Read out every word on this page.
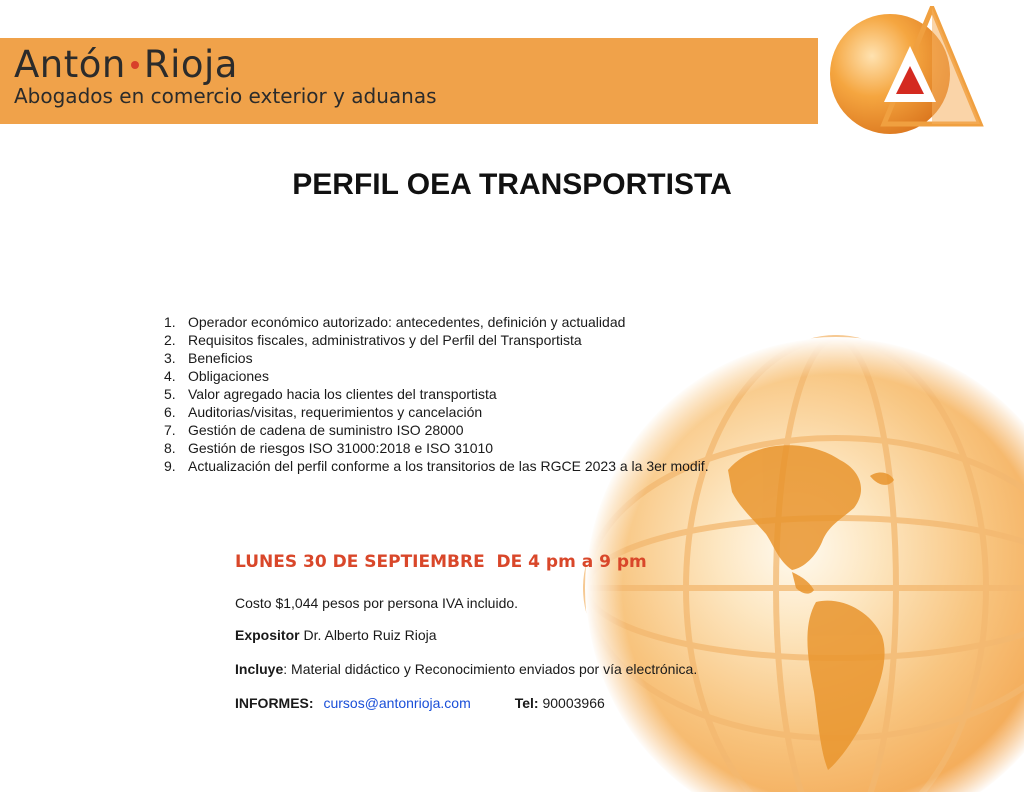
Antón Rioja
Abogados en comercio exterior y aduanas
PERFIL OEA TRANSPORTISTA
1. Operador económico autorizado: antecedentes, definición y actualidad
2. Requisitos fiscales, administrativos y del Perfil del Transportista
3. Beneficios
4. Obligaciones
5. Valor agregado hacia los clientes del transportista
6. Auditorias/visitas, requerimientos y cancelación
7. Gestión de cadena de suministro ISO 28000
8. Gestión de riesgos ISO 31000:2018 e ISO 31010
9. Actualización del perfil conforme a los transitorios de las RGCE 2023 a la 3er modif.
LUNES 30 DE SEPTIEMBRE  DE 4 pm a 9 pm
Costo $1,044 pesos por persona IVA incluido.
Expositor Dr. Alberto Ruiz Rioja
Incluye: Material didáctico y Reconocimiento enviados por vía electrónica.
INFORMES: cursos@antonrioja.com	Tel: 90003966
